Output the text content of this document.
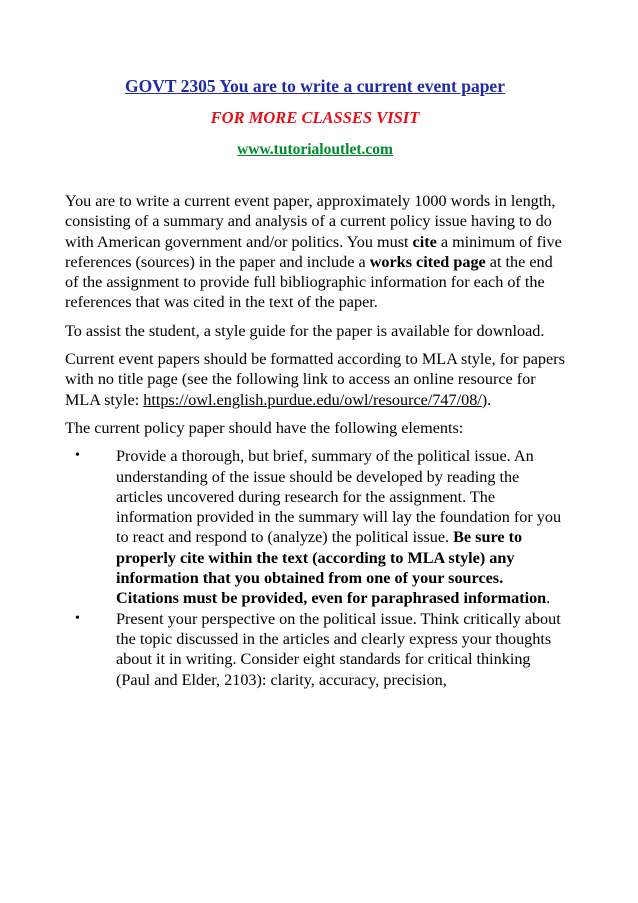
GOVT 2305 You are to write a current event paper
FOR MORE CLASSES VISIT
www.tutorialoutlet.com

You are to write a current event paper, approximately 1000 words in length, consisting of a summary and analysis of a current policy issue having to do with American government and/or politics. You must cite a minimum of five references (sources) in the paper and include a works cited page at the end of the assignment to provide full bibliographic information for each of the references that was cited in the text of the paper.

To assist the student, a style guide for the paper is available for download.

Current event papers should be formatted according to MLA style, for papers with no title page (see the following link to access an online resource for MLA style: https://owl.english.purdue.edu/owl/resource/747/08/).

The current policy paper should have the following elements:

• Provide a thorough, but brief, summary of the political issue. An understanding of the issue should be developed by reading the articles uncovered during research for the assignment. The information provided in the summary will lay the foundation for you to react and respond to (analyze) the political issue. Be sure to properly cite within the text (according to MLA style) any information that you obtained from one of your sources. Citations must be provided, even for paraphrased information.
• Present your perspective on the political issue. Think critically about the topic discussed in the articles and clearly express your thoughts about it in writing. Consider eight standards for critical thinking (Paul and Elder, 2103): clarity, accuracy, precision,
